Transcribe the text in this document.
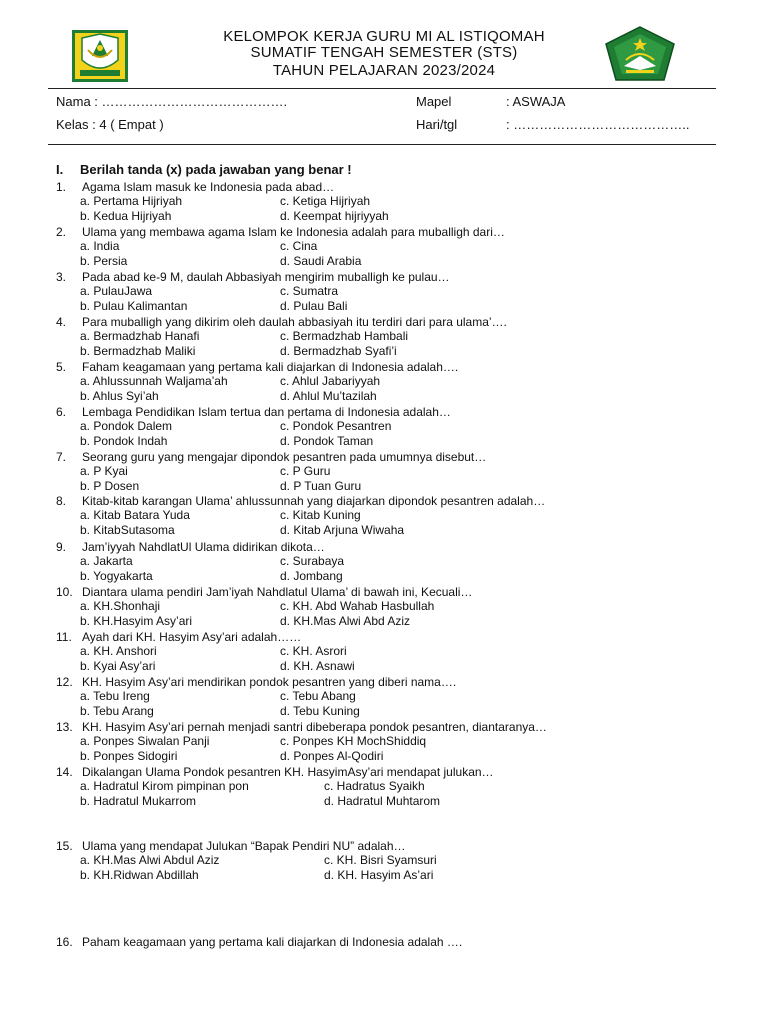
KELOMPOK KERJA GURU MI AL ISTIQOMAH
SUMATIF TENGAH SEMESTER (STS)
TAHUN PELAJARAN 2023/2024
Nama : …………………………………….
Kelas : 4 ( Empat )
Mapel	: ASWAJA
Hari/tgl	: …………………………………..
I. Berilah tanda (x) pada jawaban yang benar !
1.	Agama Islam masuk ke Indonesia pada abad…
a. Pertama Hijriyah
b. Kedua Hijriyah
c. Ketiga Hijriyah
d. Keempat hijriyyah
2.	Ulama yang membawa agama Islam ke Indonesia adalah para muballigh dari…
a. India
b. Persia
c. Cina
d. Saudi Arabia
3.	Pada abad ke-9 M, daulah Abbasiyah mengirim muballigh ke pulau…
a. PulauJawa
b. Pulau Kalimantan
c. Sumatra
d. Pulau Bali
4.	Para muballigh yang dikirim oleh daulah abbasiyah itu terdiri dari para ulama’….
a. Bermadzhab Hanafi
b. Bermadzhab Maliki
c. Bermadzhab Hambali
d. Bermadzhab Syafi’i
5.	Faham keagamaan yang pertama kali diajarkan di Indonesia adalah….
a. Ahlussunnah Waljama’ah
b. Ahlus Syi’ah
c. Ahlul Jabariyyah
d. Ahlul Mu’tazilah
6.	Lembaga Pendidikan Islam tertua dan pertama di Indonesia adalah…
a. Pondok Dalem
b. Pondok Indah
c. Pondok Pesantren
d. Pondok Taman
7.	Seorang guru yang mengajar dipondok pesantren pada umumnya disebut…
a. P Kyai
b. P Dosen
c. P Guru
d. P Tuan Guru
8.	Kitab-kitab karangan Ulama’ ahlussunnah yang diajarkan dipondok pesantren adalah…
a. Kitab Batara Yuda
b. KitabSutasoma
c. Kitab Kuning
d. Kitab Arjuna Wiwaha
9.	Jam’iyyah NahdlatUl Ulama didirikan dikota…
a. Jakarta
b. Yogyakarta
c. Surabaya
d. Jombang
10. Diantara ulama pendiri Jam’iyah Nahdlatul Ulama’ di bawah ini, Kecuali…
a. KH.Shonhaji
b. KH.Hasyim Asy’ari
c. KH. Abd Wahab Hasbullah
d. KH.Mas Alwi Abd Aziz
11. Ayah dari KH. Hasyim Asy’ari adalah……
a. KH. Anshori
b. Kyai Asy’ari
c. KH. Asrori
d. KH. Asnawi
12. KH. Hasyim Asy’ari mendirikan pondok pesantren yang diberi nama….
a. Tebu Ireng
b. Tebu Arang
c. Tebu Abang
d. Tebu Kuning
13. KH. Hasyim Asy’ari pernah menjadi santri dibeberapa pondok pesantren, diantaranya…
a. Ponpes Siwalan Panji
b. Ponpes Sidogiri
c. Ponpes KH MochShiddiq
d. Ponpes Al-Qodiri
14. Dikalangan Ulama Pondok pesantren KH. HasyimAsy’ari mendapat julukan…
a. Hadratul Kirom pimpinan pon
b. Hadratul Mukarrom
c. Hadratus Syaikh
d. Hadratul Muhtarom
15. Ulama yang mendapat Julukan “Bapak Pendiri NU” adalah…
a. KH.Mas Alwi Abdul Aziz
b. KH.Ridwan Abdillah
c. KH. Bisri Syamsuri
d. KH. Hasyim As’ari
16. Paham keagamaan yang pertama kali diajarkan di Indonesia adalah ….
